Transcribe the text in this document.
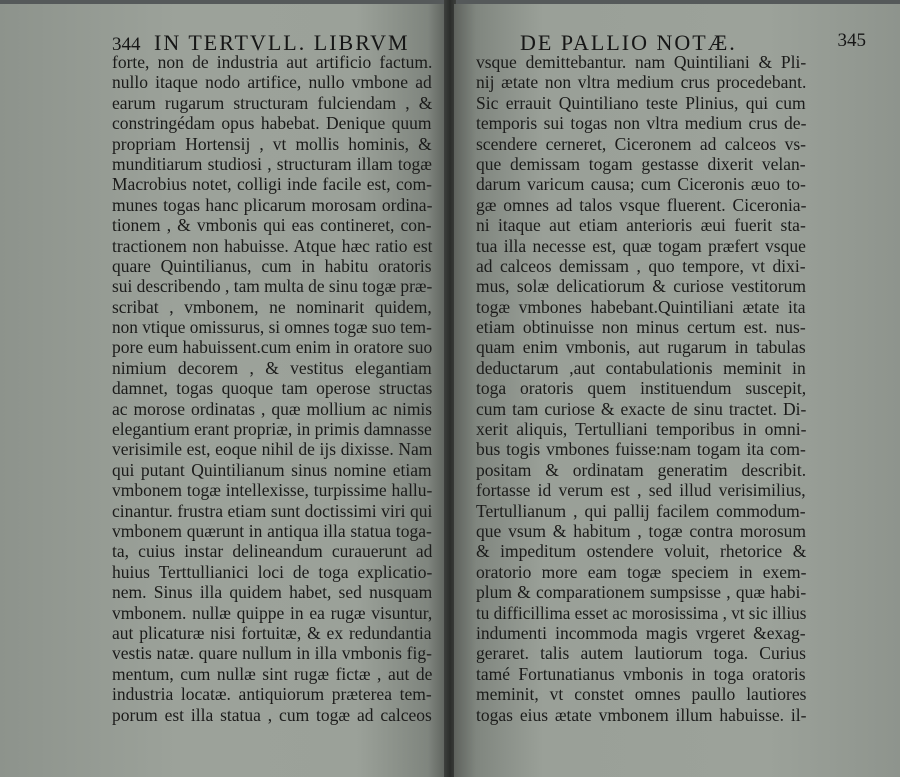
344 IN TERTVLL. LIBRVM
forte, non de industria aut artificio factum.
nullo itaque nodo artifice, nullo vmbone ad
earum rugarum structuram fulciendam , &
constringédam opus habebat. Denique quum
propriam Hortensij , vt mollis hominis, &
munditiarum studiosi , structuram illam togæ
Macrobius notet, colligi inde facile est, com-
munes togas hanc plicarum morosam ordina-
tionem , & vmbonis qui eas contineret, con-
tractionem non habuisse. Atque hæc ratio est
quare Quintilianus, cum in habitu oratoris
sui describendo , tam multa de sinu togæ præ-
scribat , vmbonem, ne nominarit quidem,
non vtique omissurus, si omnes togæ suo tem-
pore eum habuissent.cum enim in oratore suo
nimium decorem , & vestitus elegantiam
damnet, togas quoque tam operose structas
ac morose ordinatas , quæ mollium ac nimis
elegantium erant propriæ, in primis damnasse
verisimile est, eoque nihil de ijs dixisse. Nam
qui putant Quintilianum sinus nomine etiam
vmbonem togæ intellexisse, turpissime hallu-
cinantur. frustra etiam sunt doctissimi viri qui
vmbonem quærunt in antiqua illa statua toga-
ta, cuius instar delineandum curauerunt ad
huius Terttullianici loci de toga explicatio-
nem. Sinus illa quidem habet, sed nusquam
vmbonem. nullæ quippe in ea rugæ visuntur,
aut plicaturæ nisi fortuitæ, & ex redundantia
vestis natæ. quare nullum in illa vmbonis fig-
mentum, cum nullæ sint rugæ fictæ , aut de
industria locatæ. antiquiorum præterea tem-
porum est illa statua , cum togæ ad calceos
DE PALLIO NOTÆ.	345
vsque demittebantur. nam Quintiliani & Pli-
nij ætate non vltra medium crus procedebant.
Sic errauit Quintiliano teste Plinius, qui cum
temporis sui togas non vltra medium crus de-
scendere cerneret, Ciceronem ad calceos vs-
que demissam togam gestasse dixerit velan-
darum varicum causa; cum Ciceronis æuo to-
gæ omnes ad talos vsque fluerent. Ciceronia-
ni itaque aut etiam anterioris æui fuerit sta-
tua illa necesse est, quæ togam præfert vsque
ad calceos demissam , quo tempore, vt dixi-
mus, solæ delicatiorum & curiose vestitorum
togæ vmbones habebant.Quintiliani ætate ita
etiam obtinuisse non minus certum est. nus-
quam enim vmbonis, aut rugarum in tabulas
deductarum ,aut contabulationis meminit in
toga oratoris quem instituendum suscepit,
cum tam curiose & exacte de sinu tractet. Di-
xerit aliquis, Tertulliani temporibus in omni-
bus togis vmbones fuisse:nam togam ita com-
positam & ordinatam generatim describit.
fortasse id verum est , sed illud verisimilius,
Tertullianum , qui pallij facilem commodum-
que vsum & habitum , togæ contra morosum
& impeditum ostendere voluit, rhetorice &
oratorio more eam togæ speciem in exem-
plum & comparationem sumpsisse , quæ habi-
tu difficillima esset ac morosissima , vt sic illius
indumenti incommoda magis vrgeret &exag-
geraret. talis autem lautiorum toga. Curius
tamé Fortunatianus vmbonis in toga oratoris
meminit, vt constet omnes paullo lautiores
togas eius ætate vmbonem illum habuisse. il-
